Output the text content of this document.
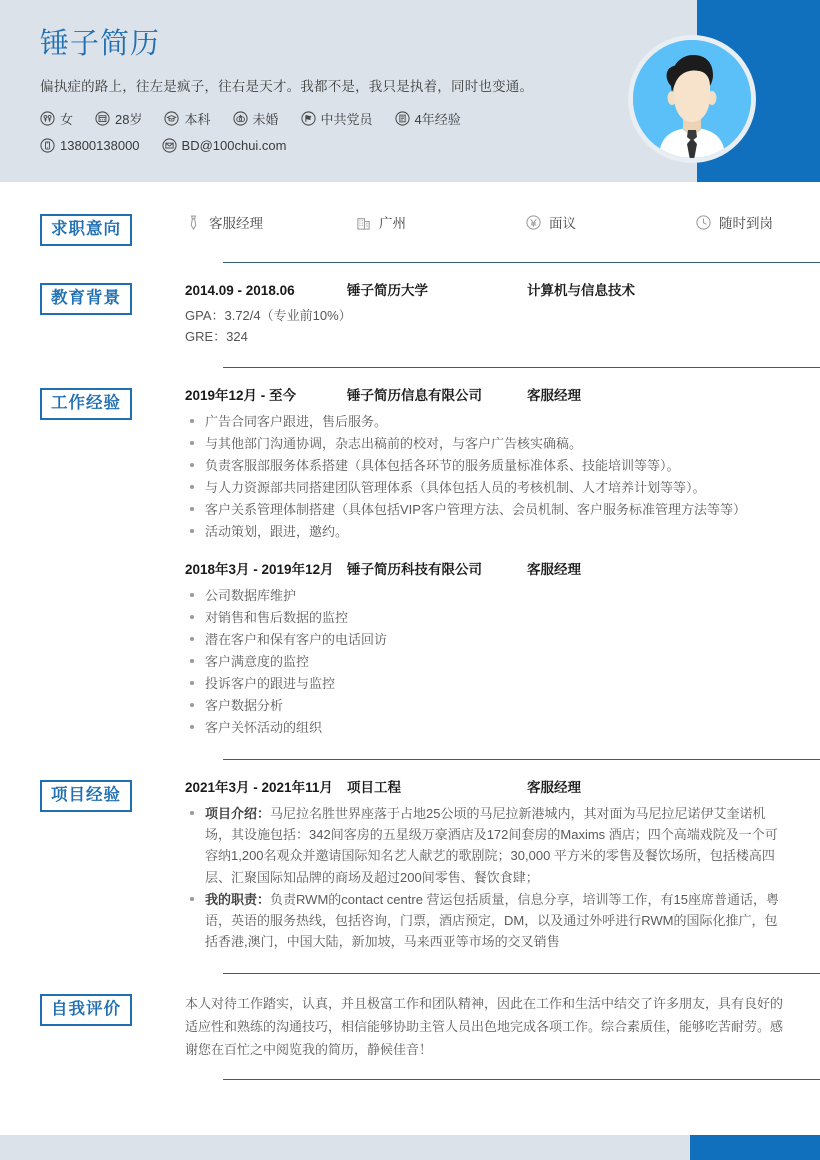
锤子简历
偏执症的路上，往左是疯子，往右是天才。我都不是，我只是执着，同时也变通。
女	28岁	本科	未婚	中共党员	4年经验
13800138000	BD@100chui.com
求职意向	客服经理	广州	面议	随时到岗
教育背景	2014.09 - 2018.06	锤子简历大学	计算机与信息技术
GPA：3.72/4（专业前10%）
GRE：324
工作经验	2019年12月 - 至今	锤子简历信息有限公司	客服经理
广告合同客户跟进，售后服务。
与其他部门沟通协调，杂志出稿前的校对，与客户广告核实确稿。
负责客服部服务体系搭建（具体包括各环节的服务质量标准体系、技能培训等等）。
与人力资源部共同搭建团队管理体系（具体包括人员的考核机制、人才培养计划等等）。
客户关系管理体制搭建（具体包括VIP客户管理方法、会员机制、客户服务标准管理方法等等）
活动策划，跟进，邀约。
2018年3月 - 2019年12月 锤子简历科技有限公司	客服经理
公司数据库维护
对销售和售后数据的监控
潜在客户和保有客户的电话回访
客户满意度的监控
投诉客户的跟进与监控
客户数据分析
客户关怀活动的组织
项目经验	2021年3月 - 2021年11月	项目工程	客服经理
项目介绍：马尼拉名胜世界座落于占地25公顷的马尼拉新港城内，其对面为马尼拉尼诺伊艾奎诺机场，其设施包括：342间客房的五星级万豪酒店及172间套房的Maxims 酒店；四个高端戏院及一个可容纳1,200名观众并邀请国际知名艺人献艺的歌剧院；30,000 平方米的零售及餐饮场所，包括楼高四层、汇聚国际知品牌的商场及超过200间零售、餐饮食肆；
我的职责：负责RWM的contact centre 营运包括质量，信息分享，培训等工作，有15座席普通话，粤语，英语的服务热线，包括咨询，门票，酒店预定，DM，以及通过外呼进行RWM的国际化推广，包括香港,澳门，中国大陆，新加坡，马来西亚等市场的交叉销售
自我评价	本人对待工作踏实，认真，并且极富工作和团队精神，因此在工作和生活中结交了许多朋友，具有良好的适应性和熟练的沟通技巧，相信能够协助主管人员出色地完成各项工作。综合素质佳，能够吃苦耐劳。感谢您在百忙之中阅览我的简历，静候佳音！
